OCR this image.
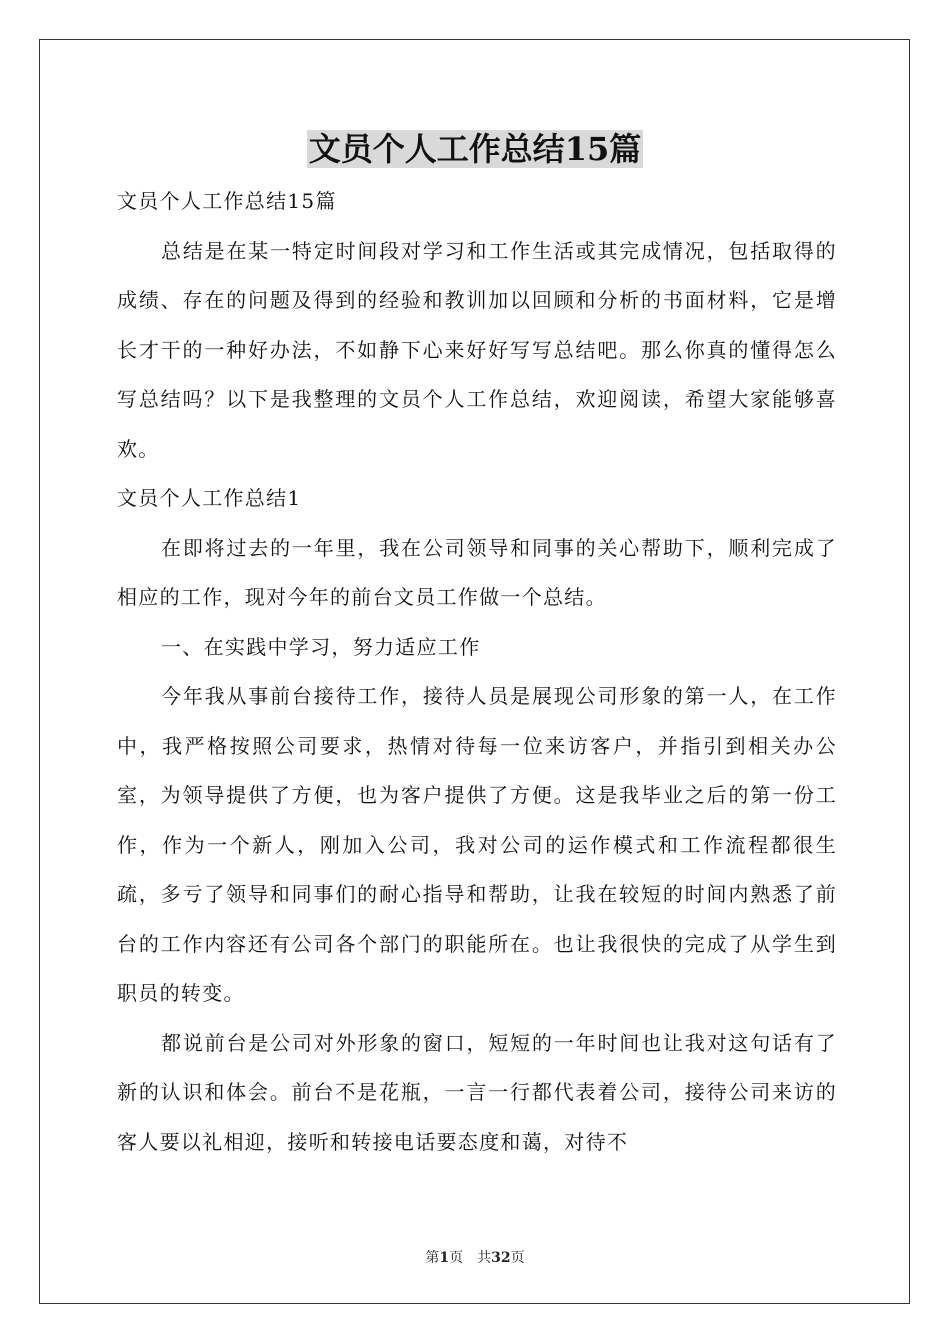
文员个人工作总结15篇

文员个人工作总结15篇

总结是在某一特定时间段对学习和工作生活或其完成情况，包括取得的成绩、存在的问题及得到的经验和教训加以回顾和分析的书面材料，它是增长才干的一种好办法，不如静下心来好好写写总结吧。那么你真的懂得怎么写总结吗？以下是我整理的文员个人工作总结，欢迎阅读，希望大家能够喜欢。

文员个人工作总结1

在即将过去的一年里，我在公司领导和同事的关心帮助下，顺利完成了相应的工作，现对今年的前台文员工作做一个总结。

一、在实践中学习，努力适应工作

今年我从事前台接待工作，接待人员是展现公司形象的第一人，在工作中，我严格按照公司要求，热情对待每一位来访客户，并指引到相关办公室，为领导提供了方便，也为客户提供了方便。这是我毕业之后的第一份工作，作为一个新人，刚加入公司，我对公司的运作模式和工作流程都很生疏，多亏了领导和同事们的耐心指导和帮助，让我在较短的时间内熟悉了前台的工作内容还有公司各个部门的职能所在。也让我很快的完成了从学生到职员的转变。

都说前台是公司对外形象的窗口，短短的一年时间也让我对这句话有了新的认识和体会。前台不是花瓶，一言一行都代表着公司，接待公司来访的客人要以礼相迎，接听和转接电话要态度和蔼，对待不

第1页 共32页
